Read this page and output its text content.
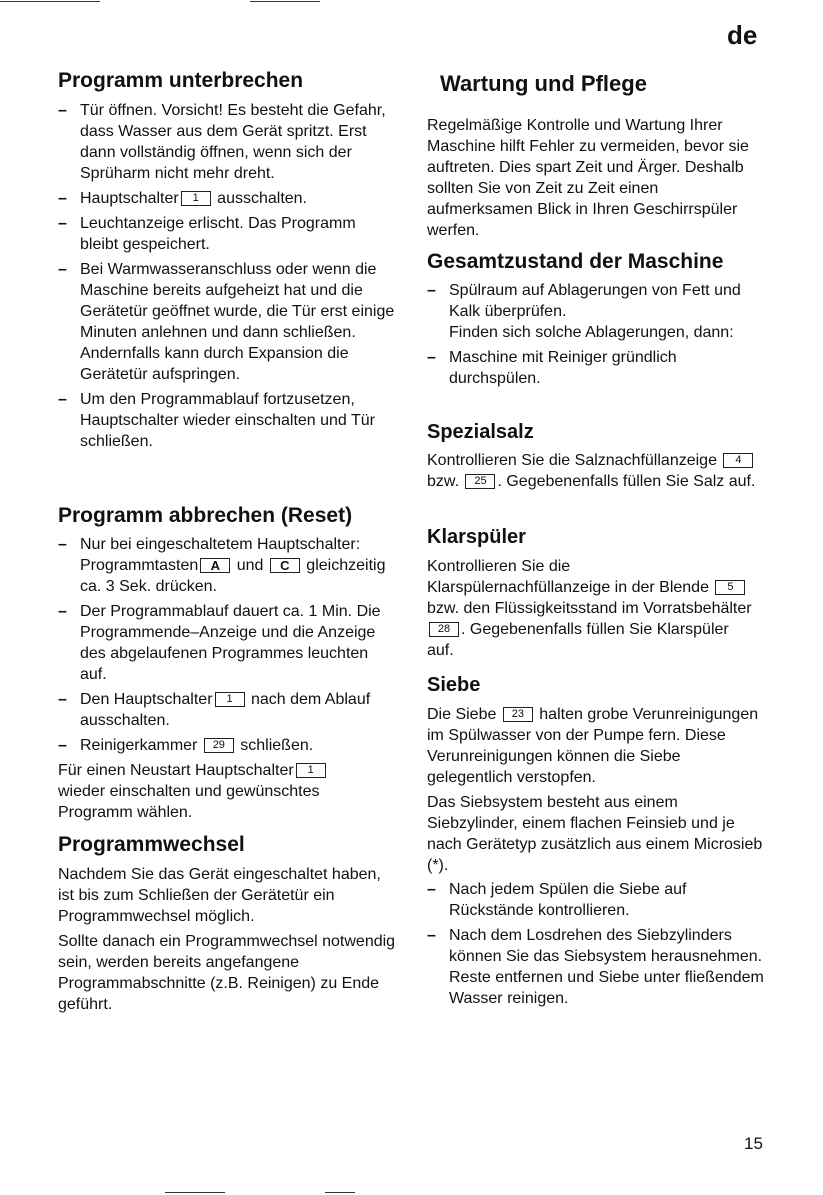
de
Programm unterbrechen
– Tür öffnen. Vorsicht! Es besteht die Gefahr, dass Wasser aus dem Gerät spritzt. Erst dann vollständig öffnen, wenn sich der Sprüharm nicht mehr dreht.
– Hauptschalter 1 ausschalten.
– Leuchtanzeige erlischt. Das Programm bleibt gespeichert.
– Bei Warmwasseranschluss oder wenn die Maschine bereits aufgeheizt hat und die Gerätetür geöffnet wurde, die Tür erst einige Minuten anlehnen und dann schließen.
Andernfalls kann durch Expansion die Gerätetür aufspringen.
– Um den Programmablauf fortzusetzen, Hauptschalter wieder einschalten und Tür schließen.
Programm abbrechen (Reset)
– Nur bei eingeschaltetem Hauptschalter: Programmtasten A und C gleichzeitig ca. 3 Sek. drücken.
– Der Programmablauf dauert ca. 1 Min. Die Programmende–Anzeige und die Anzeige des abgelaufenen Programmes leuchten auf.
– Den Hauptschalter 1 nach dem Ablauf ausschalten.
– Reinigerkammer 29 schließen.

Für einen Neustart Hauptschalter 1 wieder einschalten und gewünschtes Programm wählen.

Programmwechsel

Nachdem Sie das Gerät eingeschaltet haben, ist bis zum Schließen der Gerätetür ein Programmwechsel möglich.

Sollte danach ein Programmwechsel notwendig sein, werden bereits angefangene Programmabschnitte (z.B. Reinigen) zu Ende geführt.

Wartung und Pflege

Regelmäßige Kontrolle und Wartung Ihrer Maschine hilft Fehler zu vermeiden, bevor sie auftreten. Dies spart Zeit und Ärger. Deshalb sollten Sie von Zeit zu Zeit einen aufmerksamen Blick in Ihren Geschirrspüler werfen.

Gesamtzustand der Maschine
– Spülraum auf Ablagerungen von Fett und Kalk überprüfen.
Finden sich solche Ablagerungen, dann:
– Maschine mit Reiniger gründlich durchspülen.
Spezialsalz

Kontrollieren Sie die Salznachfüllanzeige 4 bzw. 25 . Gegebenenfalls füllen Sie Salz auf.

Klarspüler

Kontrollieren Sie die Klarspülernachfüllanzeige in der Blende 5 bzw. den Flüssigkeitsstand im Vorratsbehälter28 . Gegebenenfalls füllen Sie Klarspüler auf.

Siebe

Die Siebe 23 halten grobe Verunreinigungen im Spülwasser von der Pumpe fern. Diese Verunreinigungen können die Siebe gelegentlich verstopfen.

Das Siebsystem besteht aus einem Siebzylinder, einem flachen Feinsieb und je nach Gerätetyp zusätzlich aus einem Microsieb (*).

– Nach jedem Spülen die Siebe auf Rückstände kontrollieren.
– Nach dem Losdrehen des Siebzylinders können Sie das Siebsystem herausnehmen. Reste entfernen und Siebe unter fließendem Wasser reinigen.
15
